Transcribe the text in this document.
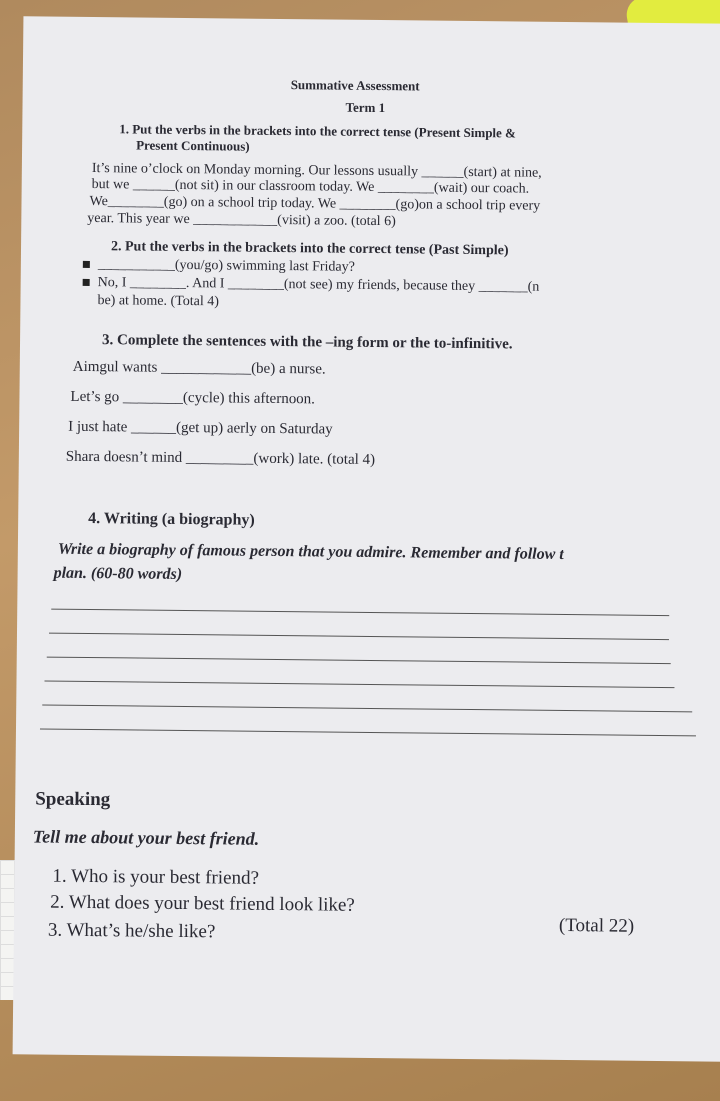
Summative Assessment
Term 1
1. Put the verbs in the brackets into the correct tense (Present Simple &
Present Continuous)
It’s nine o’clock on Monday morning. Our lessons usually ______(start) at nine,
but we ______(not sit) in our classroom today. We ________(wait) our coach.
We________(go) on a school trip today. We ________(go)on a school trip every
year. This year we ____________(visit) a zoo. (total 6)
2. Put the verbs in the brackets into the correct tense (Past Simple)
___________(you/go) swimming last Friday?
No, I ________. And I ________(not see) my friends, because they _______(n
be) at home. (Total 4)
3. Complete the sentences with the –ing form or the to-infinitive.
Aimgul wants ____________(be) a nurse.
Let’s go ________(cycle) this afternoon.
I just hate ______(get up) aerly on Saturday
Shara doesn’t mind _________(work) late. (total 4)
4. Writing (a biography)
Write a biography of famous person that you admire. Remember and follow t
plan. (60-80 words)
Speaking
Tell me about your best friend.
1. Who is your best friend?
2. What does your best friend look like?
3. What’s he/she like?	(Total 22)
